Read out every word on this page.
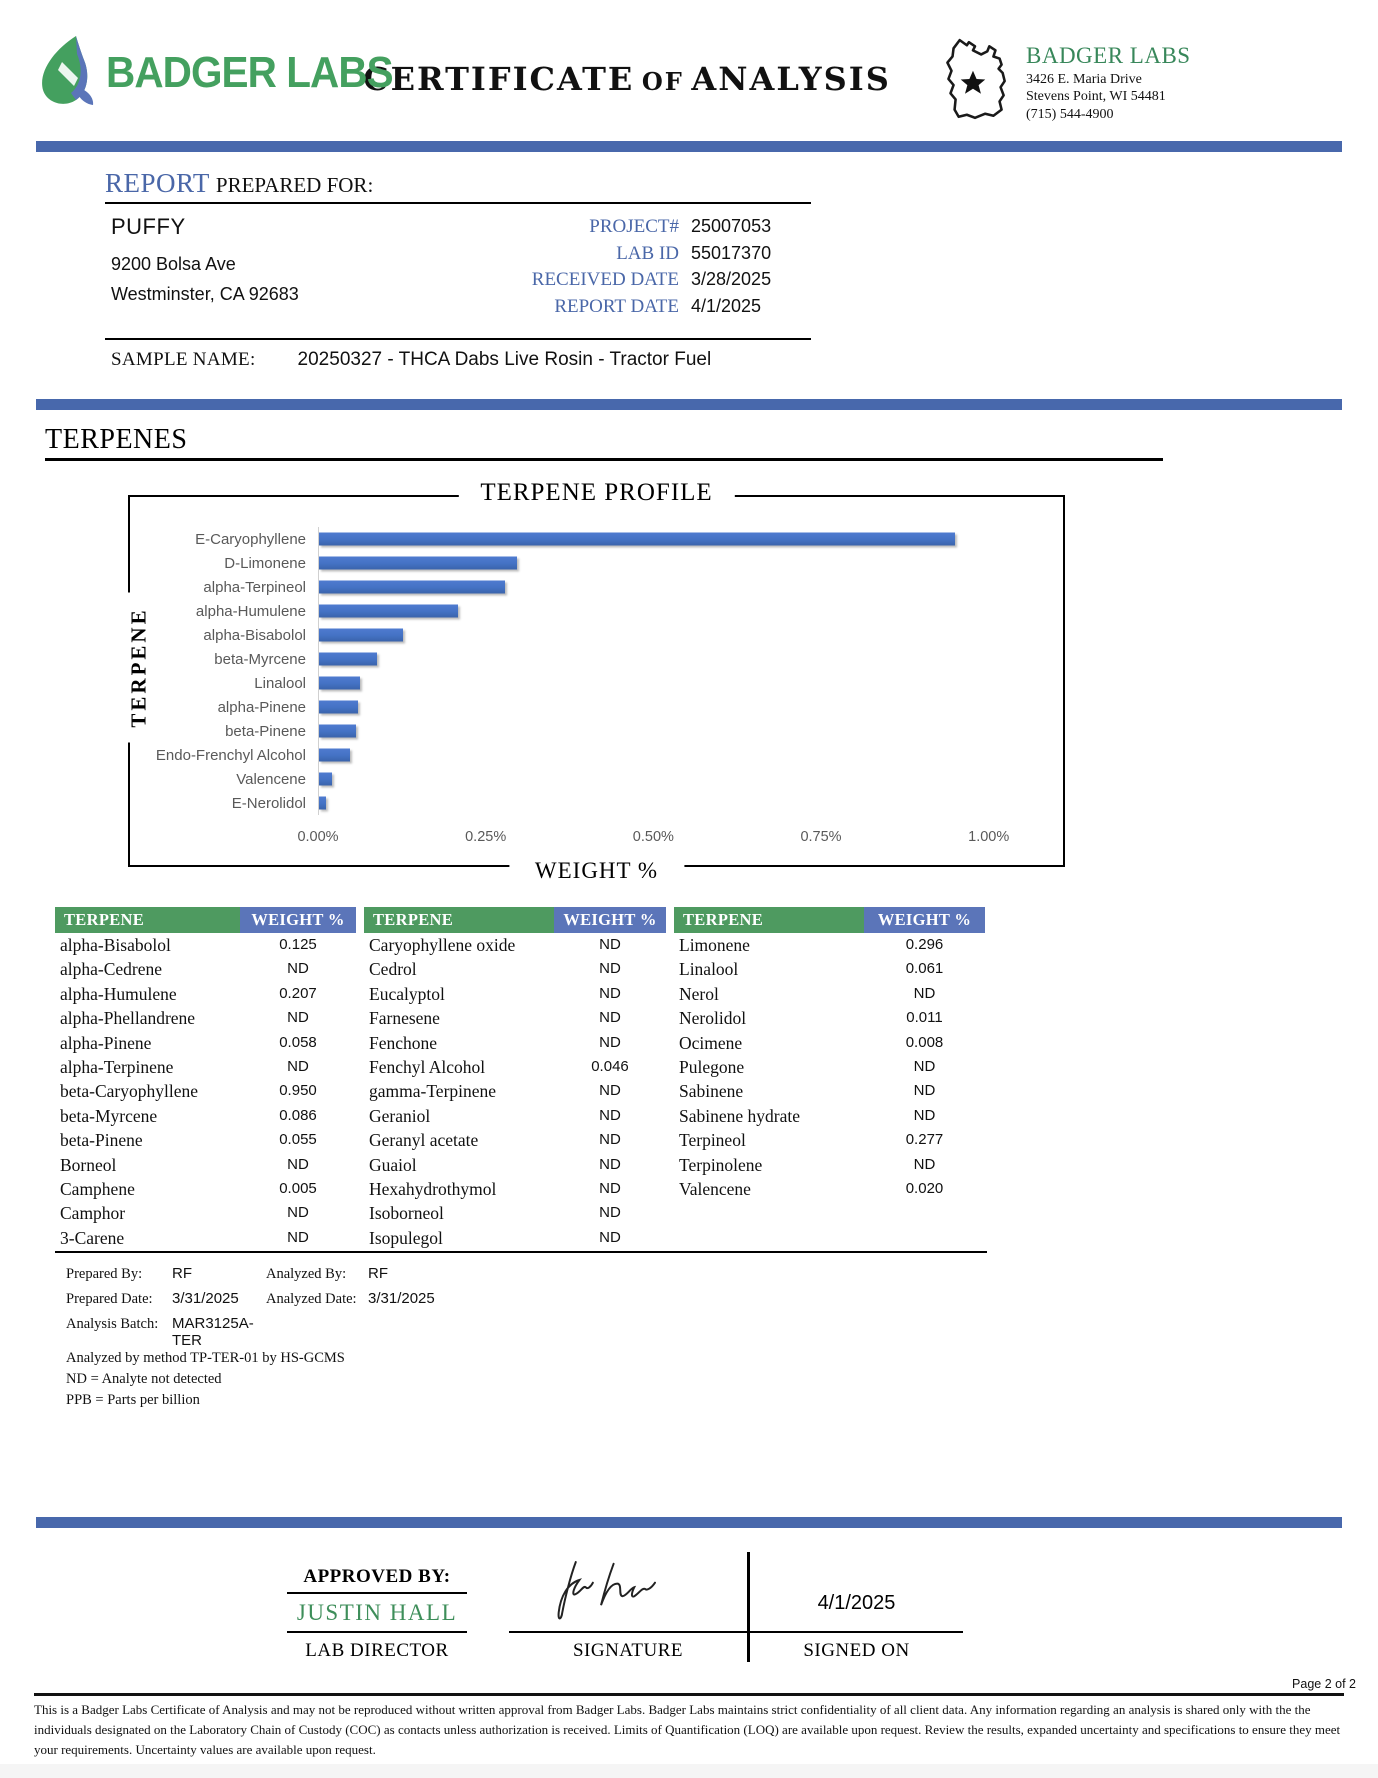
BADGER LABS
CERTIFICATE OF ANALYSIS
BADGER LABS
3426 E. Maria Drive
Stevens Point, WI 54481
(715) 544-4900
REPORT PREPARED FOR:
PUFFY
9200 Bolsa Ave
Westminster, CA 92683
PROJECT# 25007053
LAB ID 55017370
RECEIVED DATE 3/28/2025
REPORT DATE 4/1/2025
SAMPLE NAME: 20250327 - THCA Dabs Live Rosin - Tractor Fuel
TERPENES
TERPENE PROFILE
TERPENE
E-Caryophyllene
D-Limonene
alpha-Terpineol
alpha-Humulene
alpha-Bisabolol
beta-Myrcene
Linalool
alpha-Pinene
beta-Pinene
Endo-Frenchyl Alcohol
Valencene
E-Nerolidol
0.00%	0.25%	0.50%	0.75%	1.00%
WEIGHT %
TERPENE	WEIGHT %
alpha-Bisabolol	0.125
alpha-Cedrene	ND
alpha-Humulene	0.207
alpha-Phellandrene	ND
alpha-Pinene	0.058
alpha-Terpinene	ND
beta-Caryophyllene	0.950
beta-Myrcene	0.086
beta-Pinene	0.055
Borneol	ND
Camphene	0.005
Camphor	ND
3-Carene	ND
TERPENE	WEIGHT %
Caryophyllene oxide	ND
Cedrol	ND
Eucalyptol	ND
Farnesene	ND
Fenchone	ND
Fenchyl Alcohol	0.046
gamma-Terpinene	ND
Geraniol	ND
Geranyl acetate	ND
Guaiol	ND
Hexahydrothymol	ND
Isoborneol	ND
Isopulegol	ND
TERPENE	WEIGHT %
Limonene	0.296
Linalool	0.061
Nerol	ND
Nerolidol	0.011
Ocimene	0.008
Pulegone	ND
Sabinene	ND
Sabinene hydrate	ND
Terpineol	0.277
Terpinolene	ND
Valencene	0.020
Prepared By:	RF	Analyzed By:	RF
Prepared Date:	3/31/2025	Analyzed Date: 3/31/2025
Analysis Batch: MAR3125A-TER
Analyzed by method TP-TER-01 by HS-GCMS
ND = Analyte not detected
PPB = Parts per billion
APPROVED BY:
JUSTIN HALL
LAB DIRECTOR	SIGNATURE
4/1/2025
SIGNED ON
Page 2 of 2
This is a Badger Labs Certificate of Analysis and may not be reproduced without written approval from Badger Labs. Badger Labs maintains strict confidentiality of all client data. Any information regarding an analysis is shared only with the the individuals designated on the Laboratory Chain of Custody (COC) as contacts unless authorization is received. Limits of Quantification (LOQ) are available upon request. Review the results, expanded uncertainty and specifications to ensure they meet your requirements. Uncertainty values are available upon request.
